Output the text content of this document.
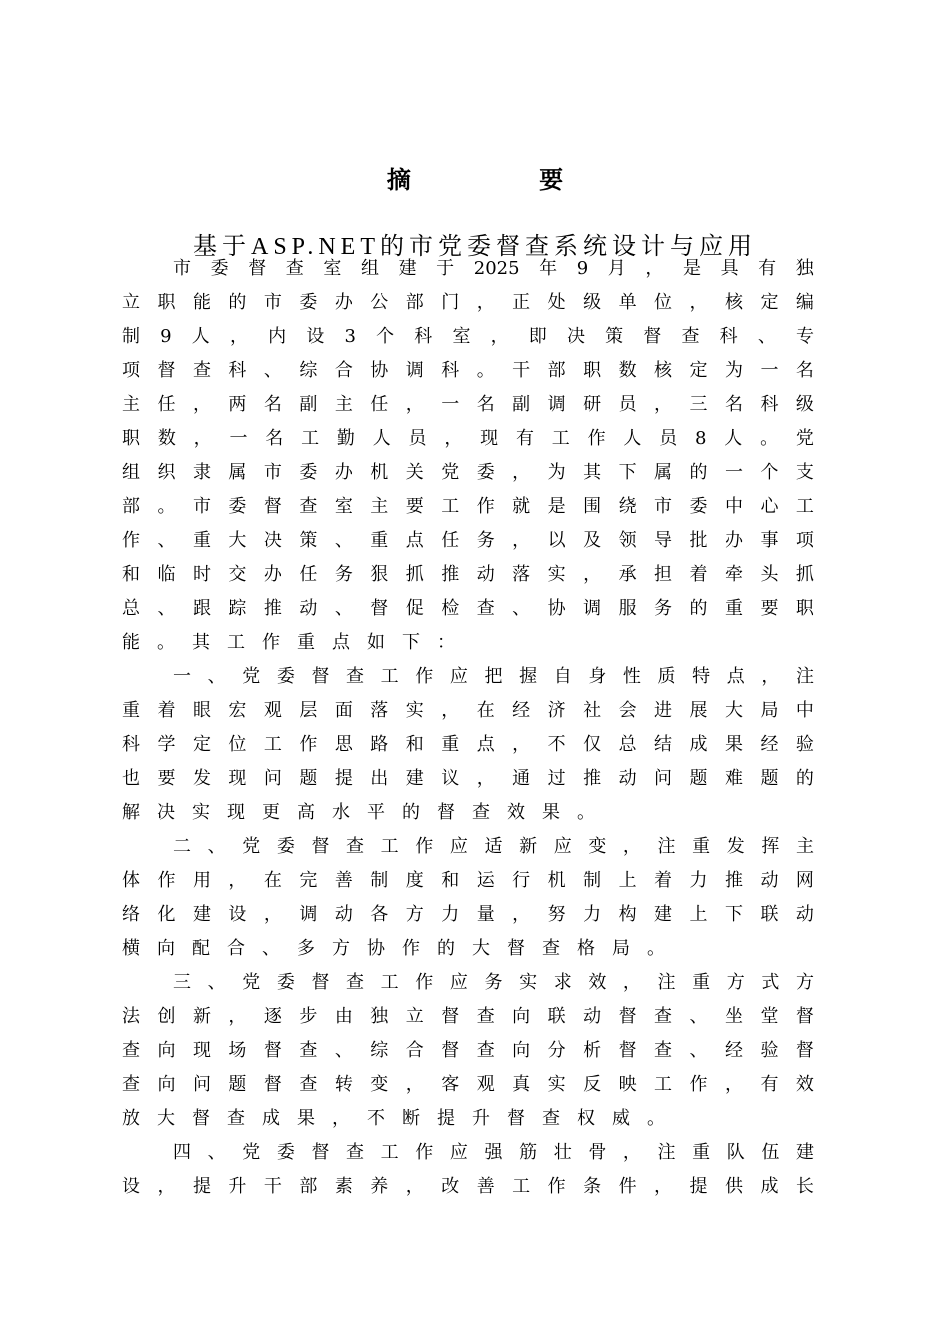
摘 要
基于ASP.NET的市党委督查系统设计与应用
市 委 督 查 室 组 建 于 2025 年 9 月 ， 是 具 有 独
立 职 能 的 市 委 办 公 部 门 ， 正 处 级 单 位 ， 核 定 编
制 9 人 ， 内 设 3 个 科 室 ， 即 决 策 督 查 科 、 专
项 督 查 科 、 综 合 协 调 科 。 干 部 职 数 核 定 为 一 名
主 任 ， 两 名 副 主 任 ， 一 名 副 调 研 员 ， 三 名 科 级
职 数 ， 一 名 工 勤 人 员 ， 现 有 工 作 人 员 8 人 。 党
组 织 隶 属 市 委 办 机 关 党 委 ， 为 其 下 属 的 一 个 支
部 。 市 委 督 查 室 主 要 工 作 就 是 围 绕 市 委 中 心 工
作 、 重 大 决 策 、 重 点 任 务 ， 以 及 领 导 批 办 事 项
和 临 时 交 办 任 务 狠 抓 推 动 落 实 ， 承 担 着 牵 头 抓
总 、 跟 踪 推 动 、 督 促 检 查 、 协 调 服 务 的 重 要 职
能 。 其 工 作 重 点 如 下 ：
一 、 党 委 督 查 工 作 应 把 握 自 身 性 质 特 点 ， 注
重 着 眼 宏 观 层 面 落 实 ， 在 经 济 社 会 进 展 大 局 中
科 学 定 位 工 作 思 路 和 重 点 ， 不 仅 总 结 成 果 经 验
也 要 发 现 问 题 提 出 建 议 ， 通 过 推 动 问 题 难 题 的
解 决 实 现 更 高 水 平 的 督 查 效 果 。
二 、 党 委 督 查 工 作 应 适 新 应 变 ， 注 重 发 挥 主
体 作 用 ， 在 完 善 制 度 和 运 行 机 制 上 着 力 推 动 网
络 化 建 设 ， 调 动 各 方 力 量 ， 努 力 构 建 上 下 联 动
横 向 配 合 、 多 方 协 作 的 大 督 查 格 局 。
三 、 党 委 督 查 工 作 应 务 实 求 效 ， 注 重 方 式 方
法 创 新 ， 逐 步 由 独 立 督 查 向 联 动 督 查 、 坐 堂 督
查 向 现 场 督 查 、 综 合 督 查 向 分 析 督 查 、 经 验 督
查 向 问 题 督 查 转 变 ， 客 观 真 实 反 映 工 作 ， 有 效
放 大 督 查 成 果 ， 不 断 提 升 督 查 权 威 。
四 、 党 委 督 查 工 作 应 强 筋 壮 骨 ， 注 重 队 伍 建
设 ， 提 升 干 部 素 养 ， 改 善 工 作 条 件 ， 提 供 成 长
